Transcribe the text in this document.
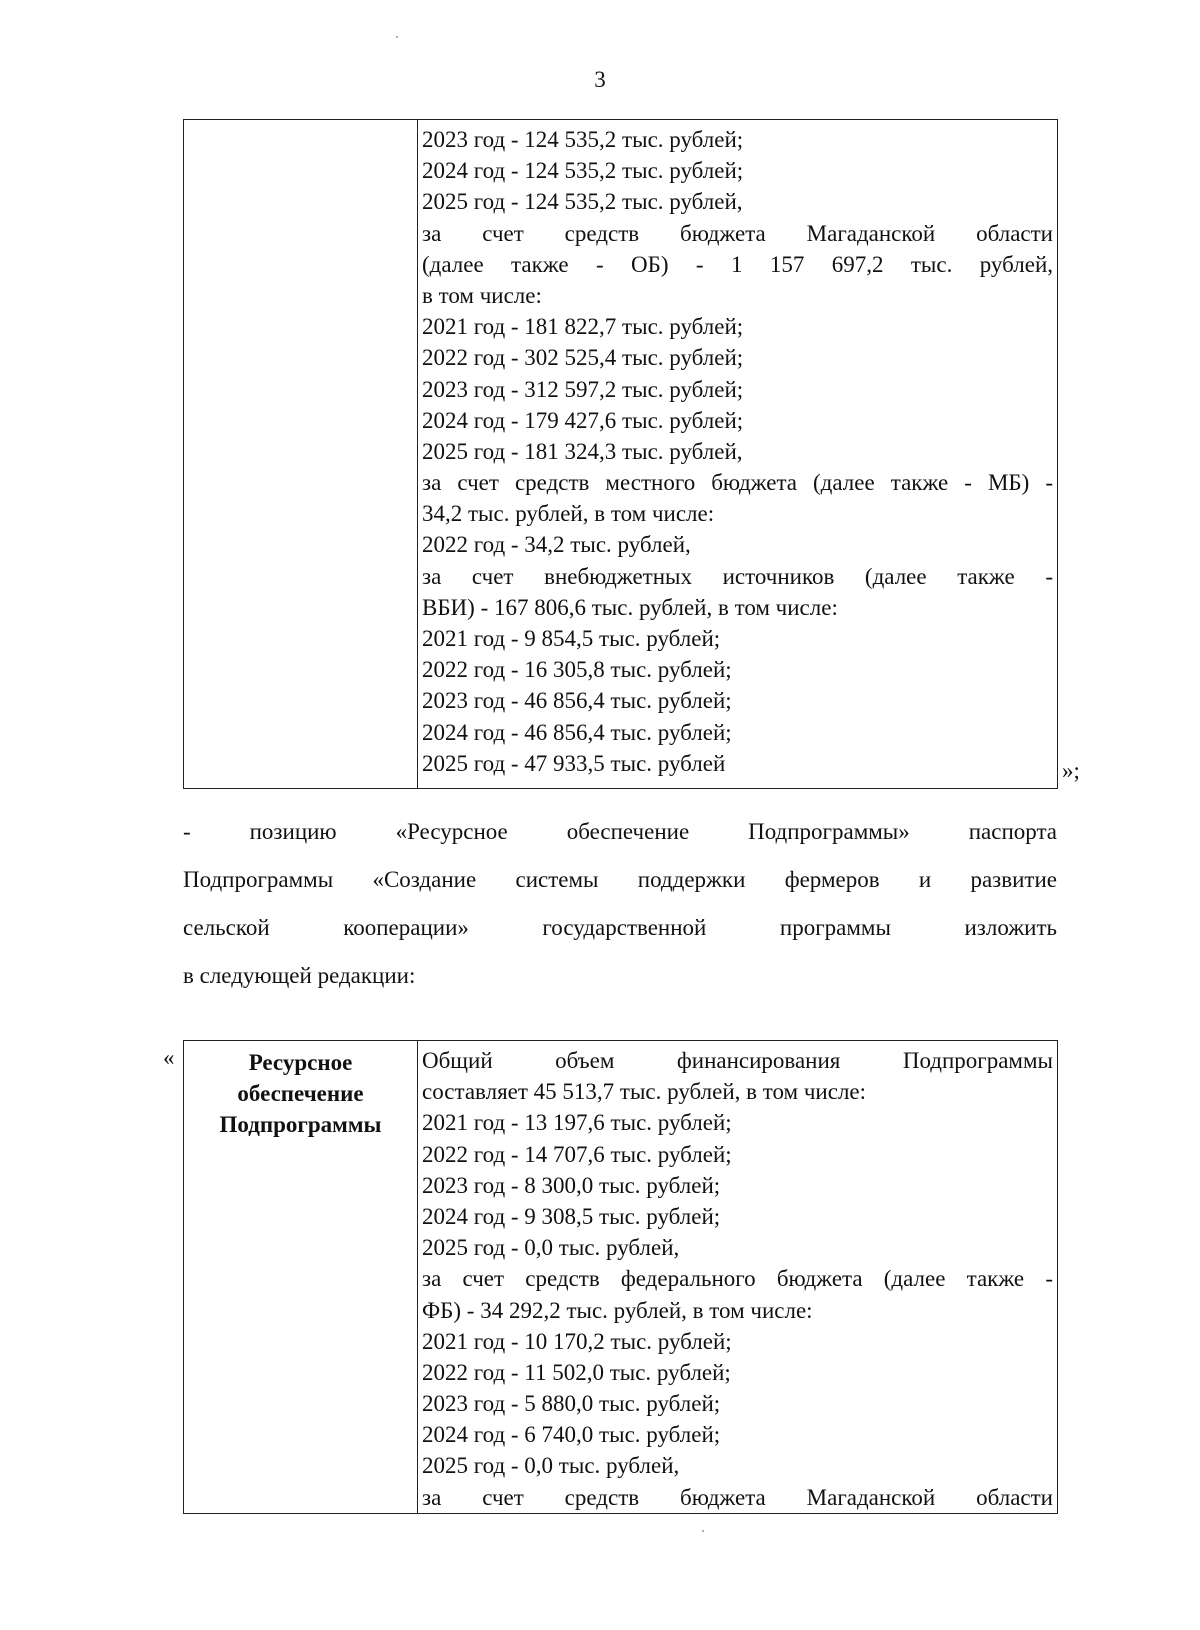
3

2023 год - 124 535,2 тыс. рублей;
2024 год - 124 535,2 тыс. рублей;
2025 год - 124 535,2 тыс. рублей,
за счет средств бюджета Магаданской области
(далее также - ОБ) - 1 157 697,2 тыс. рублей,
в том числе:
2021 год - 181 822,7 тыс. рублей;
2022 год - 302 525,4 тыс. рублей;
2023 год - 312 597,2 тыс. рублей;
2024 год - 179 427,6 тыс. рублей;
2025 год - 181 324,3 тыс. рублей,
за счет средств местного бюджета (далее также - МБ) -
34,2 тыс. рублей, в том числе:
2022 год - 34,2 тыс. рублей,
за счет внебюджетных источников (далее также -
ВБИ) - 167 806,6 тыс. рублей, в том числе:
2021 год - 9 854,5 тыс. рублей;
2022 год - 16 305,8 тыс. рублей;
2023 год - 46 856,4 тыс. рублей;
2024 год - 46 856,4 тыс. рублей;
2025 год - 47 933,5 тыс. рублей	»;
- позицию «Ресурсное обеспечение Подпрограммы» паспорта
Подпрограммы «Создание системы поддержки фермеров и развитие
сельской кооперации» государственной программы изложить
в следующей редакции:
«	Ресурсное
обеспечение
Подпрограммы

Общий объем финансирования Подпрограммы
составляет 45 513,7 тыс. рублей, в том числе:
2021 год - 13 197,6 тыс. рублей;
2022 год - 14 707,6 тыс. рублей;
2023 год - 8 300,0 тыс. рублей;
2024 год - 9 308,5 тыс. рублей;
2025 год - 0,0 тыс. рублей,
за счет средств федерального бюджета (далее также -
ФБ) - 34 292,2 тыс. рублей, в том числе:
2021 год - 10 170,2 тыс. рублей;
2022 год - 11 502,0 тыс. рублей;
2023 год - 5 880,0 тыс. рублей;
2024 год - 6 740,0 тыс. рублей;
2025 год - 0,0 тыс. рублей,
за счет средств бюджета Магаданской области
